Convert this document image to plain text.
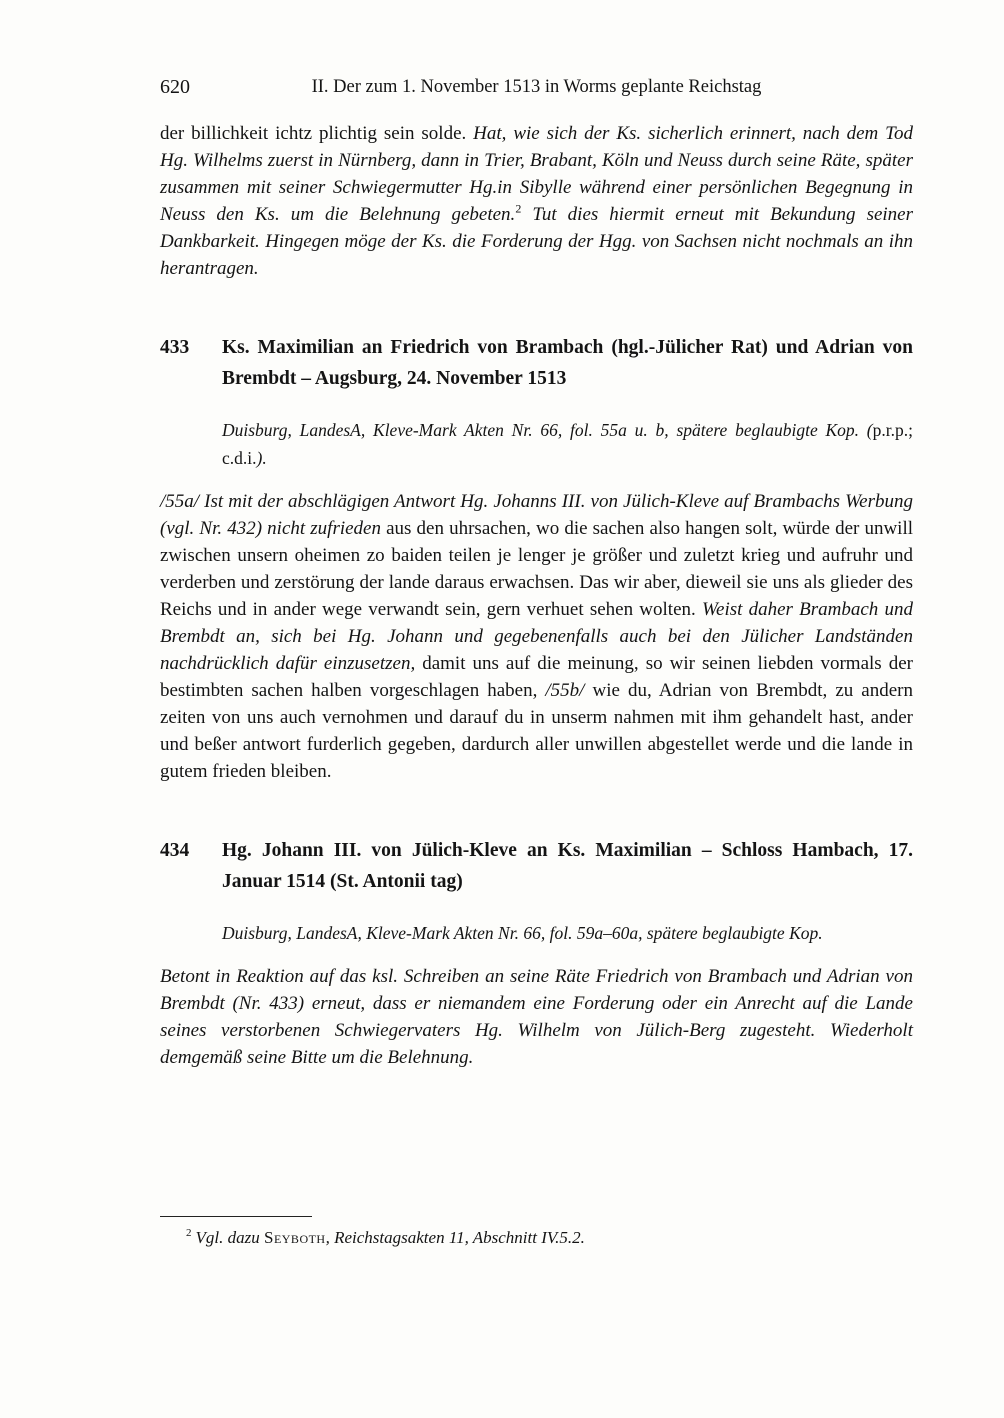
620	II. Der zum 1. November 1513 in Worms geplante Reichstag

der billichkeit ichtz plichtig sein solde. Hat, wie sich der Ks. sicherlich erinnert, nach dem Tod Hg. Wilhelms zuerst in Nürnberg, dann in Trier, Brabant, Köln und Neuss durch seine Räte, später zusammen mit seiner Schwiegermutter Hg.in Sibylle während einer persönlichen Begegnung in Neuss den Ks. um die Belehnung gebeten.$^2$ Tut dies hiermit erneut mit Bekundung seiner Dankbarkeit. Hingegen möge der Ks. die Forderung der Hgg. von Sachsen nicht nochmals an ihn herantragen.

433	Ks. Maximilian an Friedrich von Brambach (hgl.-Jülicher Rat) und Adrian von Brembdt – Augsburg, 24. November 1513

Duisburg, LandesA, Kleve-Mark Akten Nr. 66, fol. 55a u. b, spätere beglaubigte Kop. (p.r.p.; c.d.i.).

/55a/ Ist mit der abschlägigen Antwort Hg. Johanns III. von Jülich-Kleve auf Brambachs Werbung (vgl. Nr. 432) nicht zufrieden aus den uhrsachen, wo die sachen also hangen solt, würde der unwill zwischen unsern oheimen zo baiden teilen je lenger je größer und zuletzt krieg und aufruhr und verderben und zerstörung der lande daraus erwachsen. Das wir aber, dieweil sie uns als glieder des Reichs und in ander wege verwandt sein, gern verhuet sehen wolten. Weist daher Brambach und Brembdt an, sich bei Hg. Johann und gegebenenfalls auch bei den Jülicher Landständen nachdrücklich dafür einzusetzen, damit uns auf die meinung, so wir seinen liebden vormals der bestimbten sachen halben vorgeschlagen haben, /55b/ wie du, Adrian von Brembdt, zu andern zeiten von uns auch vernohmen und darauf du in unserm nahmen mit ihm gehandelt hast, ander und beßer antwort furderlich gegeben, dardurch aller unwillen abgestellet werde und die lande in gutem frieden bleiben.

434	Hg. Johann III. von Jülich-Kleve an Ks. Maximilian – Schloss Hambach, 17. Januar 1514 (St. Antonii tag)

Duisburg, LandesA, Kleve-Mark Akten Nr. 66, fol. 59a–60a, spätere beglaubigte Kop.

Betont in Reaktion auf das ksl. Schreiben an seine Räte Friedrich von Brambach und Adrian von Brembdt (Nr. 433) erneut, dass er niemandem eine Forderung oder ein Anrecht auf die Lande seines verstorbenen Schwiegervaters Hg. Wilhelm von Jülich-Berg zugesteht. Wiederholt demgemäß seine Bitte um die Belehnung.

$^2$ Vgl. dazu Seyboth, Reichstagsakten 11, Abschnitt IV.5.2.
